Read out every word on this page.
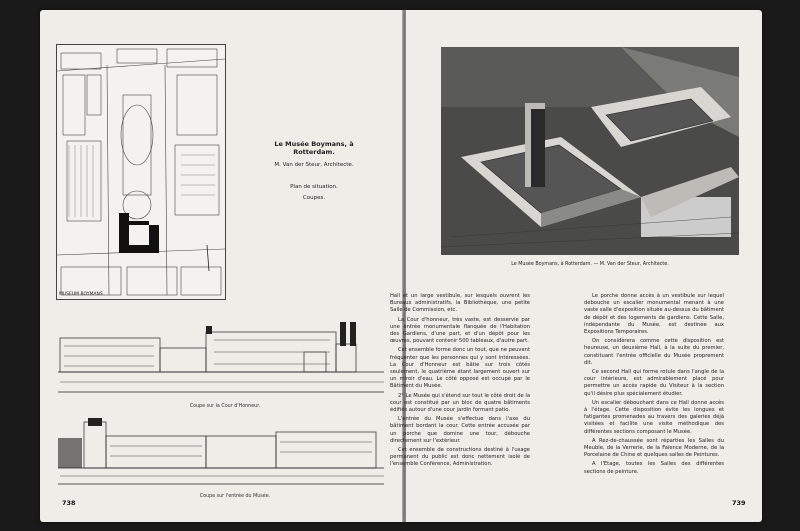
MUSEUM BOYMANS
Le Musée Boymans, à Rotterdam.
M. Van der Steur, Architecte.
Plan de situation.
Coupes.
Coupe sur la Cour d'Honneur.
Coupe sur l'entrée du Musée.
738
Le Musée Boymans, à Rotterdam. — M. Van der Steur, Architecte.

Hall et un large vestibule, sur lesquels ouvrent les Bureaux administratifs, la Bibliothèque, une petite Salle de Commission, etc.

La Cour d'honneur, très vaste, est desservie par une entrée monumentale flanquée de l'Habitation des Gardiens, d'une part, et d'un dépôt pour les œuvres, pouvant contenir 500 tableaux, d'autre part.

Cet ensemble forme donc un tout, que ne peuvent fréquenter que les personnes qui y sont intéressées. La Cour d'Honneur est bâtie sur trois côtés seulement, le quatrième étant largement ouvert sur un miroir d'eau. Le côté opposé est occupé par le Bâtiment du Musée.

2° Le Musée qui s'étend sur tout le côté droit de la cour est constitué par un bloc de quatre bâtiments édifiés autour d'une cour jardin formant patio.

L'entrée du Musée s'effectue dans l'axe du bâtiment bordant la cour. Cette entrée accusée par un porche que domine une tour, débouche directement sur l'extérieur.

Cet ensemble de constructions destiné à l'usage permanent du public est donc nettement isolé de l'ensemble Conférence, Administration.

Le porche donne accès à un vestibule sur lequel débouche un escalier monumental menant à une vaste salle d'exposition située au-dessus du bâtiment de dépôt et des logements de gardiens. Cette Salle, indépendante du Musée, est destinée aux Expositions Temporaires.

On considérera comme cette disposition est heureuse, un deuxième Hall, à la suite du premier, constituant l'entrée officielle du Musée proprement dit.

Ce second Hall qui forme rotule dans l'angle de la cour intérieure, est admirablement placé pour permettre un accès rapide du Visiteur à la section qu'il désire plus spécialement étudier.

Un escalier débouchant dans ce Hall donne accès à l'étage. Cette disposition évite les longues et fatigantes promenades au travers des galeries déjà visitées et facilite une visite méthodique des différentes sections composant le Musée.

A Rez-de-chaussée sont réparties les Salles du Meuble, de la Verrerie, de la Faïence Moderne, de la Porcelaine de Chine et quelques salles de Peintures.

A l'Etage, toutes les Salles des différentes sections de peinture.

739
